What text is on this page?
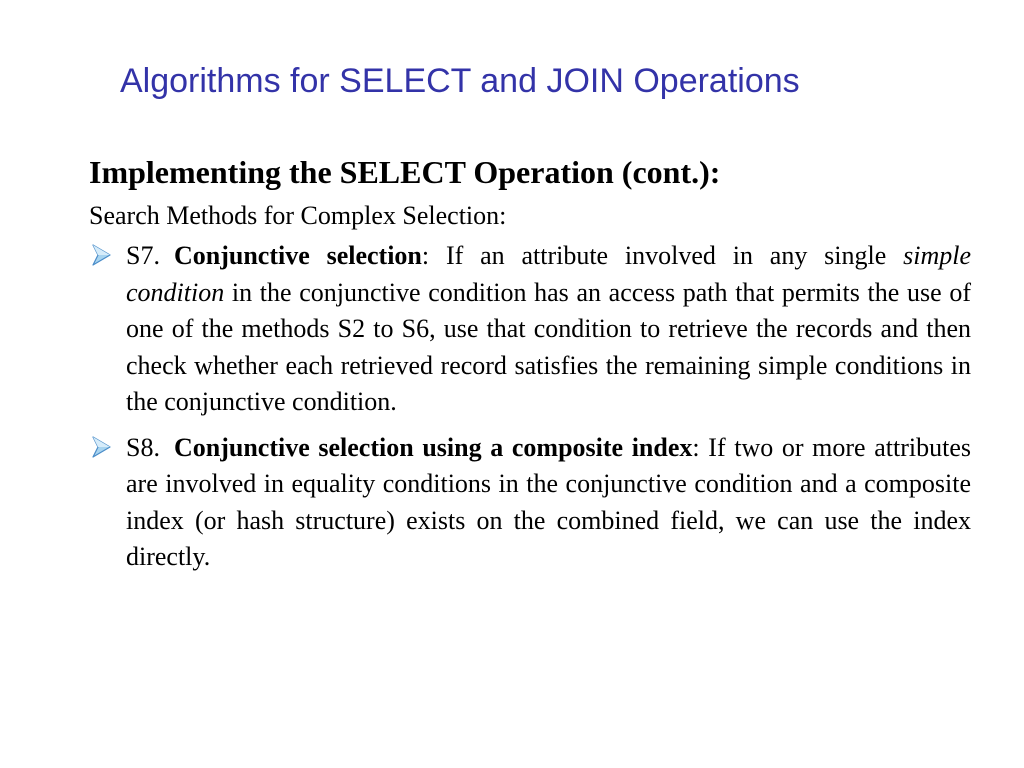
Algorithms for SELECT and JOIN Operations

Implementing the SELECT Operation (cont.):

Search Methods for Complex Selection:

S7. Conjunctive selection: If an attribute involved in any single simple condition in the conjunctive condition has an access path that permits the use of one of the methods S2 to S6, use that condition to retrieve the records and then check whether each retrieved record satisfies the remaining simple conditions in the conjunctive condition.
S8. Conjunctive selection using a composite index: If two or more attributes are involved in equality conditions in the conjunctive condition and a composite index (or hash structure) exists on the combined field, we can use the index directly.
